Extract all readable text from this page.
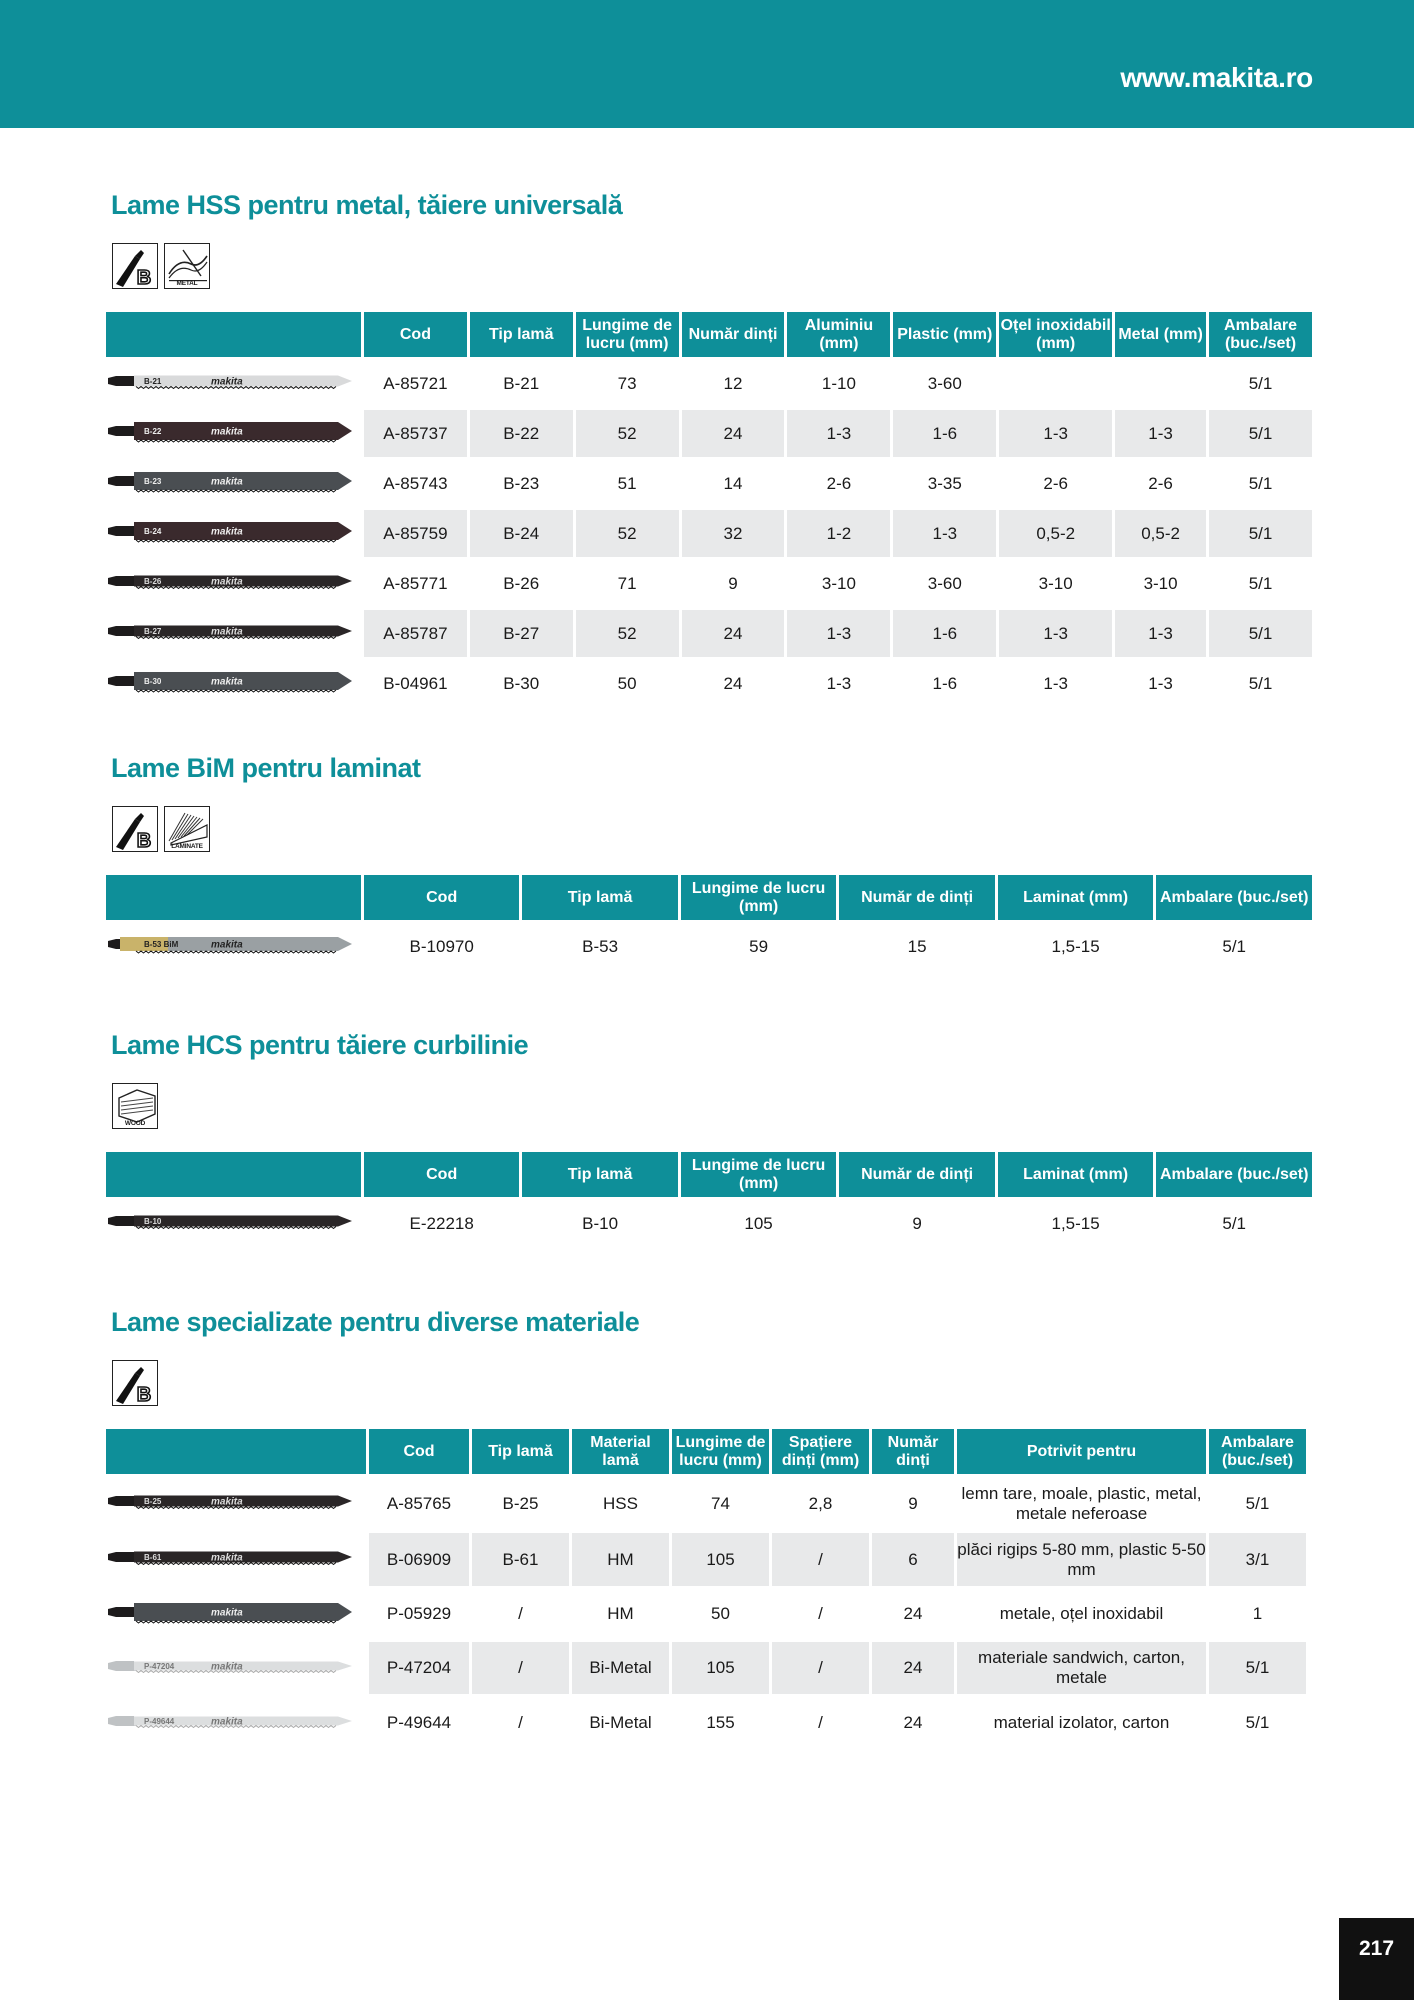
www.makita.ro
Lame HSS pentru metal, tăiere universală
B	METAL
	Cod	Tip lamă	Lungime de lucru (mm)	Număr dinți	Aluminiu (mm)	Plastic (mm)	Oțel inoxidabil (mm)	Metal (mm)	Ambalare (buc./set)

B-21 makita	A-85721	B-21	73	12	1-10	3-60			5/1

B-22 makita	A-85737	B-22	52	24	1-3	1-6	1-3	1-3	5/1

B-23 makita	A-85743	B-23	51	14	2-6	3-35	2-6	2-6	5/1

B-24 makita	A-85759	B-24	52	32	1-2	1-3	0,5-2	0,5-2	5/1

B-26 makita	A-85771	B-26	71	9	3-10	3-60	3-10	3-10	5/1

B-27 makita	A-85787	B-27	52	24	1-3	1-6	1-3	1-3	5/1

B-30 makita	B-04961	B-30	50	24	1-3	1-6	1-3	1-3	5/1
Lame BiM pentru laminat
B	LAMINATE
	Cod	Tip lamă	Lungime de lucru (mm)	Număr de dinți	Laminat (mm)	Ambalare (buc./set)

B-53 BiM makita	B-10970	B-53	59	15	1,5-15	5/1
Lame HCS pentru tăiere curbilinie
WOOD
	Cod	Tip lamă	Lungime de lucru (mm)	Număr de dinți	Laminat (mm)	Ambalare (buc./set)

B-10	E-22218	B-10	105	9	1,5-15	5/1
Lame specializate pentru diverse materiale
B
	Cod	Tip lamă	Material lamă	Lungime de lucru (mm)	Spațiere dinți (mm)	Număr dinți	Potrivit pentru	Ambalare (buc./set)

B-25 makita	A-85765	B-25	HSS	74	2,8	9	lemn tare, moale, plastic, metal, metale neferoase	5/1

B-61 makita	B-06909	B-61	HM	105	/	6	plăci rigips 5-80 mm, plastic 5-50 mm	3/1

makita	P-05929	/	HM	50	/	24	metale, oțel inoxidabil	1

P-47204 makita	P-47204	/	Bi-Metal	105	/	24	materiale sandwich, carton, metale	5/1

P-49644 makita	P-49644	/	Bi-Metal	155	/	24	material izolator, carton	5/1
217
